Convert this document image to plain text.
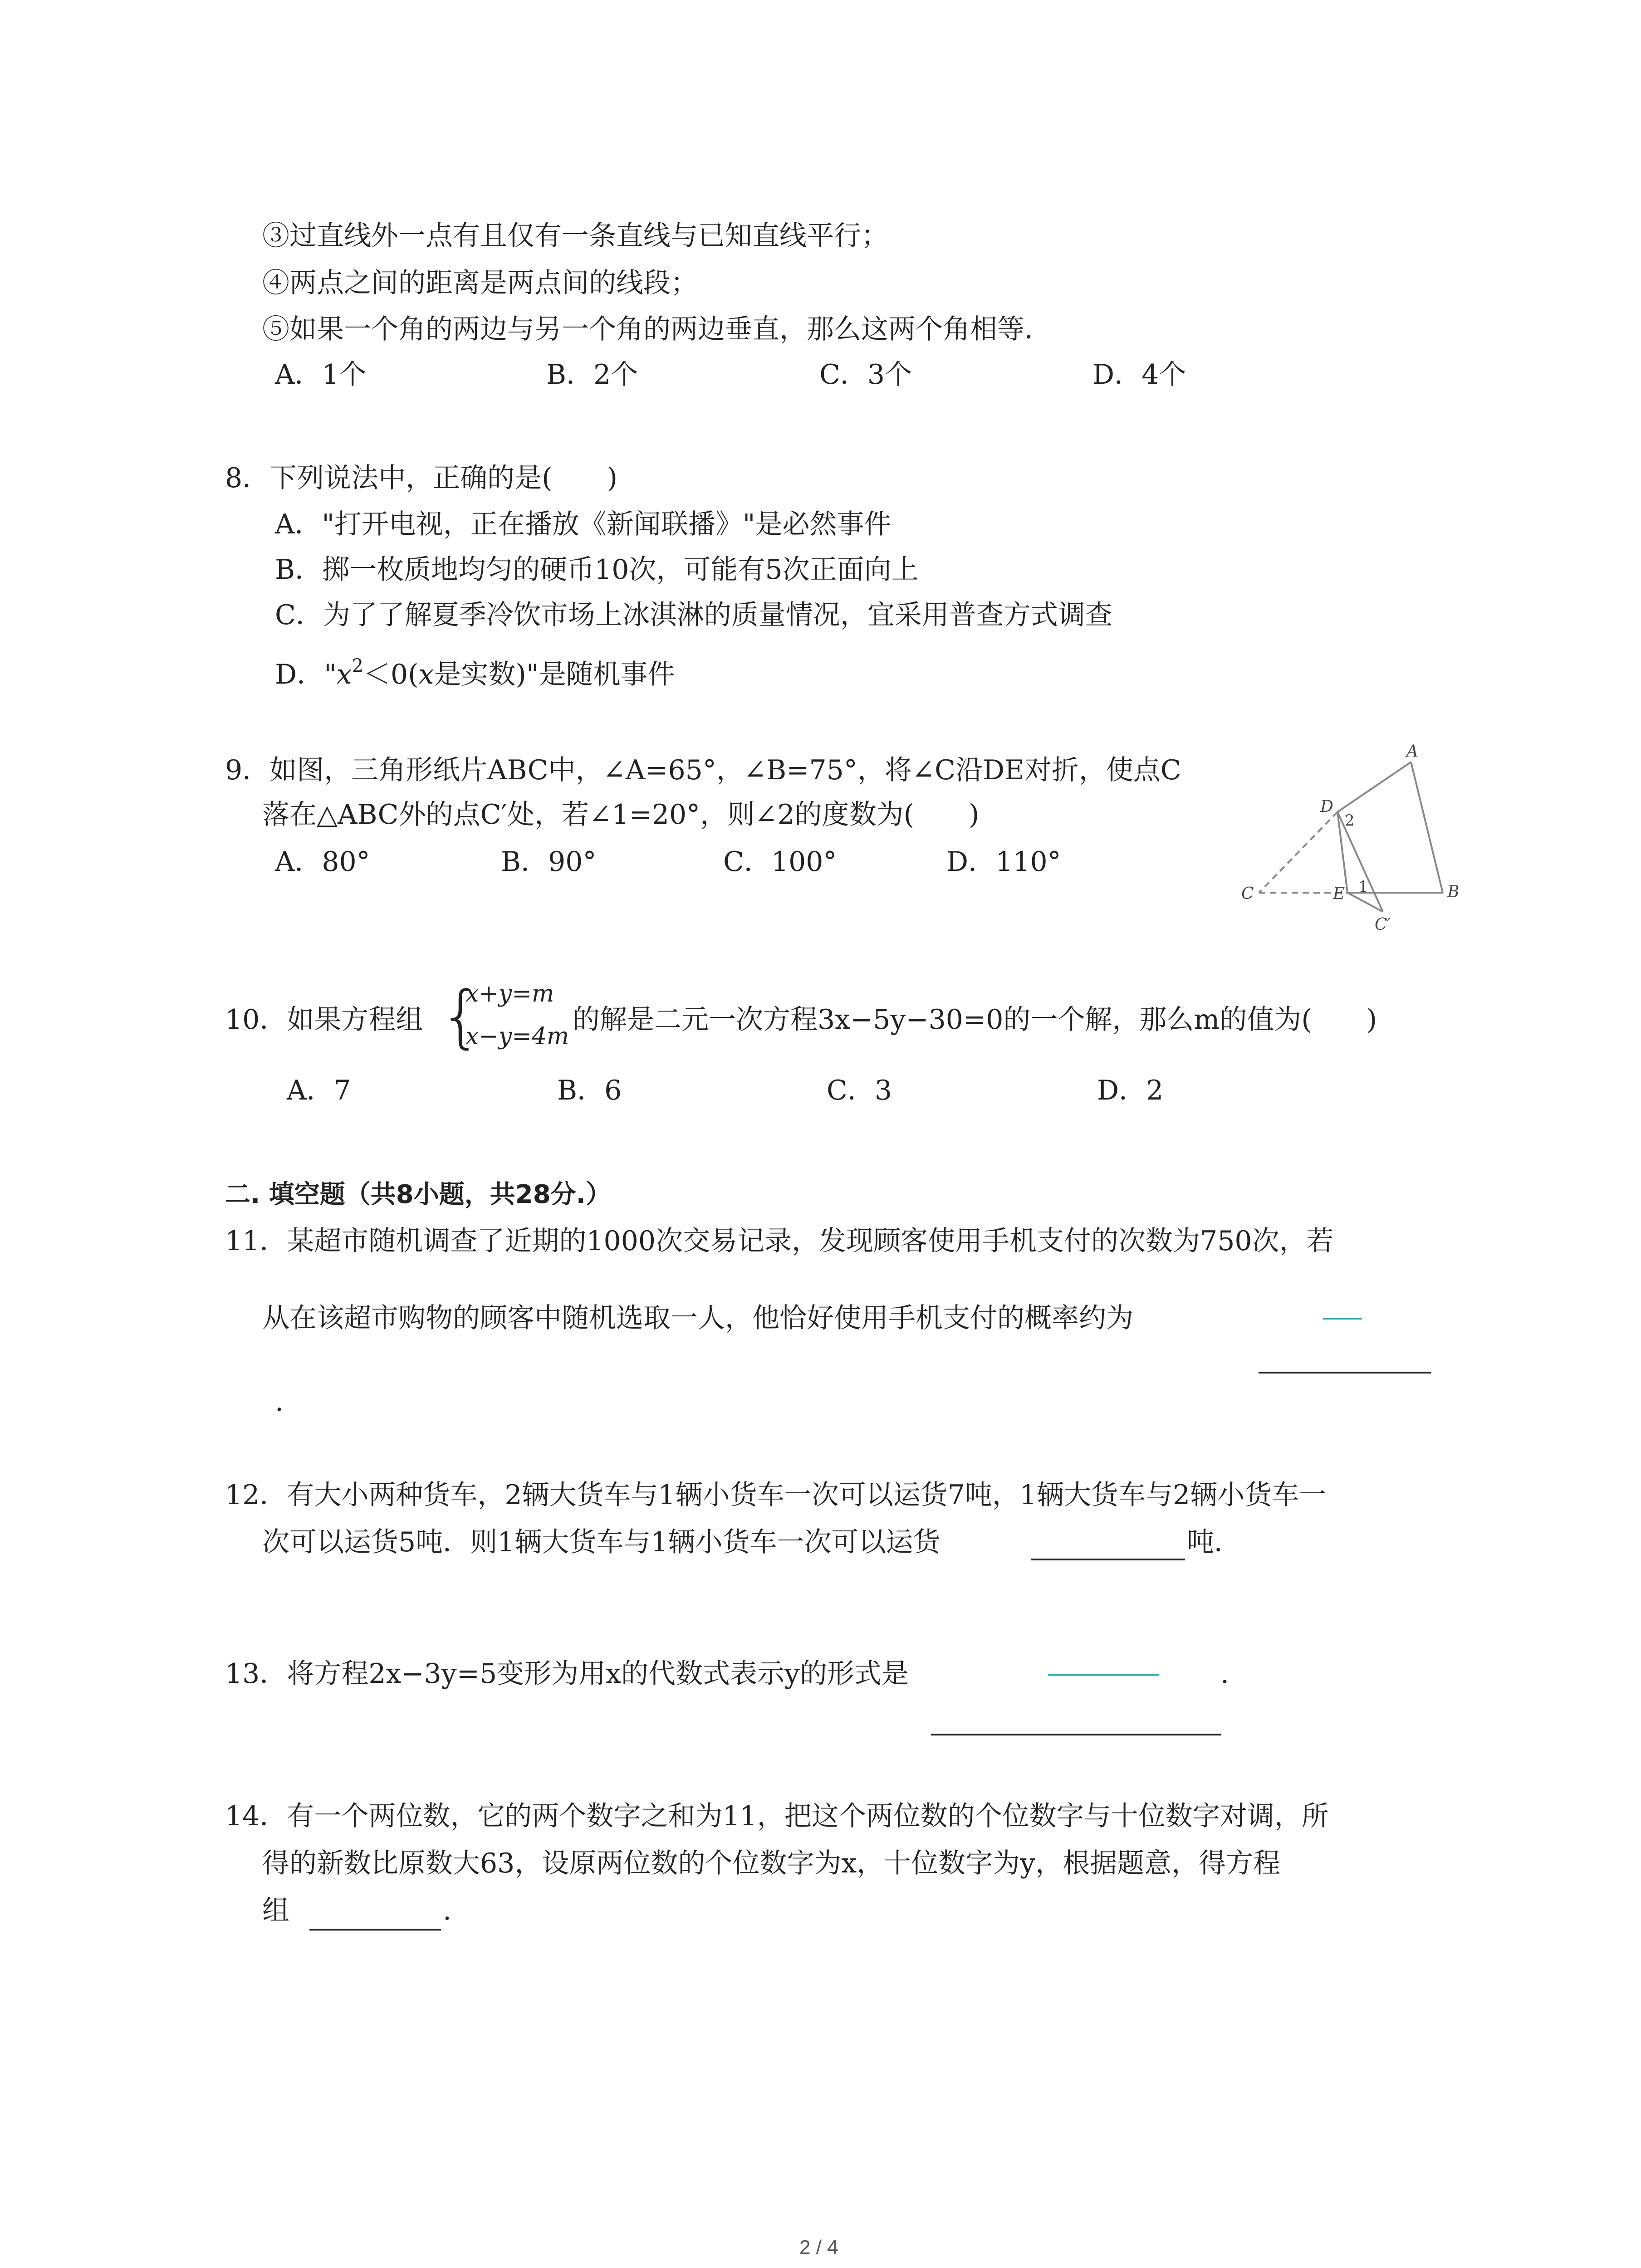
③过直线外一点有且仅有一条直线与已知直线平行；
④两点之间的距离是两点间的线段；
⑤如果一个角的两边与另一个角的两边垂直，那么这两个角相等．
A．1个	B．2个	C．3个	D．4个
8．下列说法中，正确的是(　　)
A．"打开电视，正在播放《新闻联播》"是必然事件
B．掷一枚质地均匀的硬币10次，可能有5次正面向上
C．为了了解夏季冷饮市场上冰淇淋的质量情况，宜采用普查方式调查
D．"$x^2<0(x$是实数)"是随机事件
9．如图，三角形纸片ABC中，∠A=65°，∠B=75°，将∠C沿DE对折，使点C
落在△ABC外的点C′处，若∠1=20°，则∠2的度数为(　　)
A．80°	B．90°	C．100°	D．110°
A
B
C
D
E
C′
1
2
10．如果方程组 {
x+y=m
x−y=4m
的解是二元一次方程3x−5y−30=0的一个解，那么m的值为(　　)
A．7	B．6	C．3	D．2
二. 填空题（共8小题，共28分.）
11．某超市随机调查了近期的1000次交易记录，发现顾客使用手机支付的次数为750次，若
从在该超市购物的顾客中随机选取一人，他恰好使用手机支付的概率约为
.
12．有大小两种货车，2辆大货车与1辆小货车一次可以运货7吨，1辆大货车与2辆小货车一
次可以运货5吨．则1辆大货车与1辆小货车一次可以运货	吨．
13．将方程2x−3y=5变形为用x的代数式表示y的形式是	.
14．有一个两位数，它的两个数字之和为11，把这个两位数的个位数字与十位数字对调，所
得的新数比原数大63，设原两位数的个位数字为x，十位数字为y，根据题意，得方程
组	.
2 / 4
